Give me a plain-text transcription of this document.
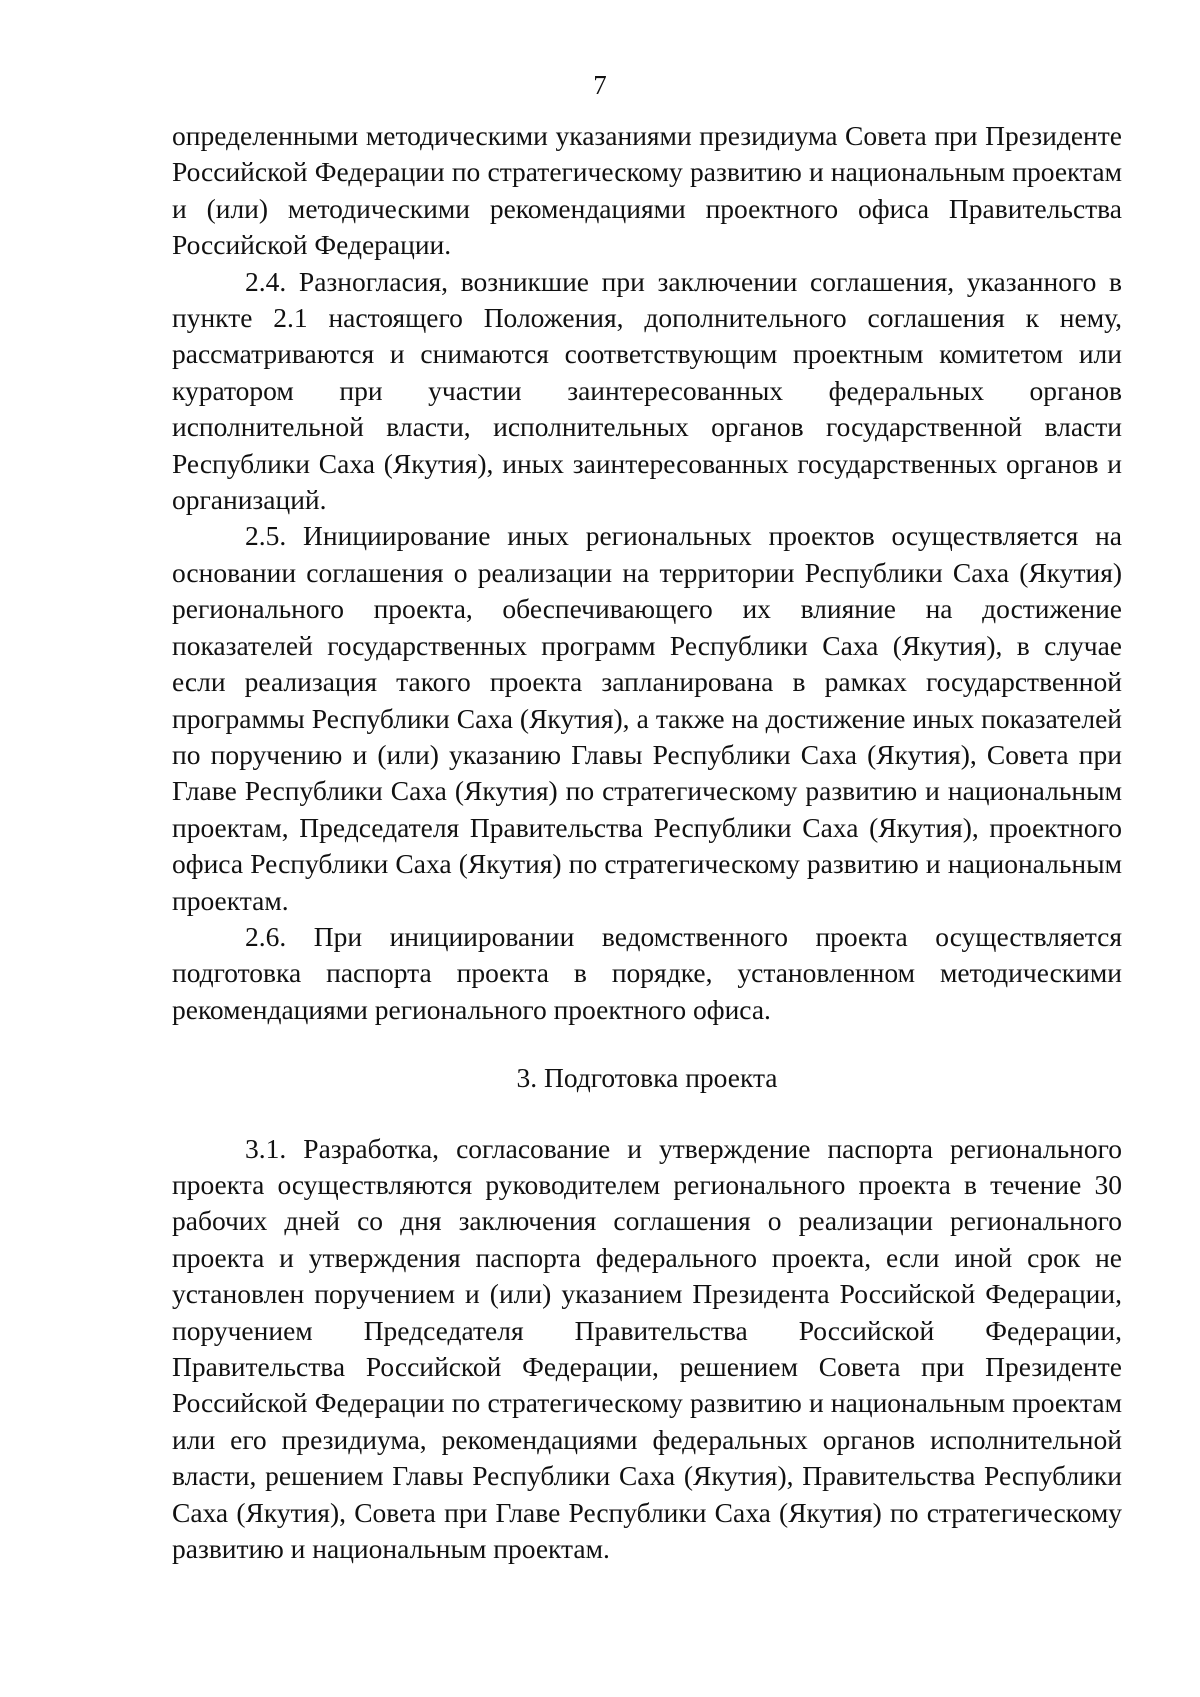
7

определенными методическими указаниями президиума Совета при Президенте Российской Федерации по стратегическому развитию и национальным проектам и (или) методическими рекомендациями проектного офиса Правительства Российской Федерации.

2.4. Разногласия, возникшие при заключении соглашения, указанного в пункте 2.1 настоящего Положения, дополнительного соглашения к нему, рассматриваются и снимаются соответствующим проектным комитетом или куратором при участии заинтересованных федеральных органов исполнительной власти, исполнительных органов государственной власти Республики Саха (Якутия), иных заинтересованных государственных органов и организаций.

2.5. Инициирование иных региональных проектов осуществляется на основании соглашения о реализации на территории Республики Саха (Якутия) регионального проекта, обеспечивающего их влияние на достижение показателей государственных программ Республики Саха (Якутия), в случае если реализация такого проекта запланирована в рамках государственной программы Республики Саха (Якутия), а также на достижение иных показателей по поручению и (или) указанию Главы Республики Саха (Якутия), Совета при Главе Республики Саха (Якутия) по стратегическому развитию и национальным проектам, Председателя Правительства Республики Саха (Якутия), проектного офиса Республики Саха (Якутия) по стратегическому развитию и национальным проектам.

2.6. При инициировании ведомственного проекта осуществляется подготовка паспорта проекта в порядке, установленном методическими рекомендациями регионального проектного офиса.

3. Подготовка проекта

3.1. Разработка, согласование и утверждение паспорта регионального проекта осуществляются руководителем регионального проекта в течение 30 рабочих дней со дня заключения соглашения о реализации регионального проекта и утверждения паспорта федерального проекта, если иной срок не установлен поручением и (или) указанием Президента Российской Федерации, поручением Председателя Правительства Российской Федерации, Правительства Российской Федерации, решением Совета при Президенте Российской Федерации по стратегическому развитию и национальным проектам или его президиума, рекомендациями федеральных органов исполнительной власти, решением Главы Республики Саха (Якутия), Правительства Республики Саха (Якутия), Совета при Главе Республики Саха (Якутия) по стратегическому развитию и национальным проектам.
